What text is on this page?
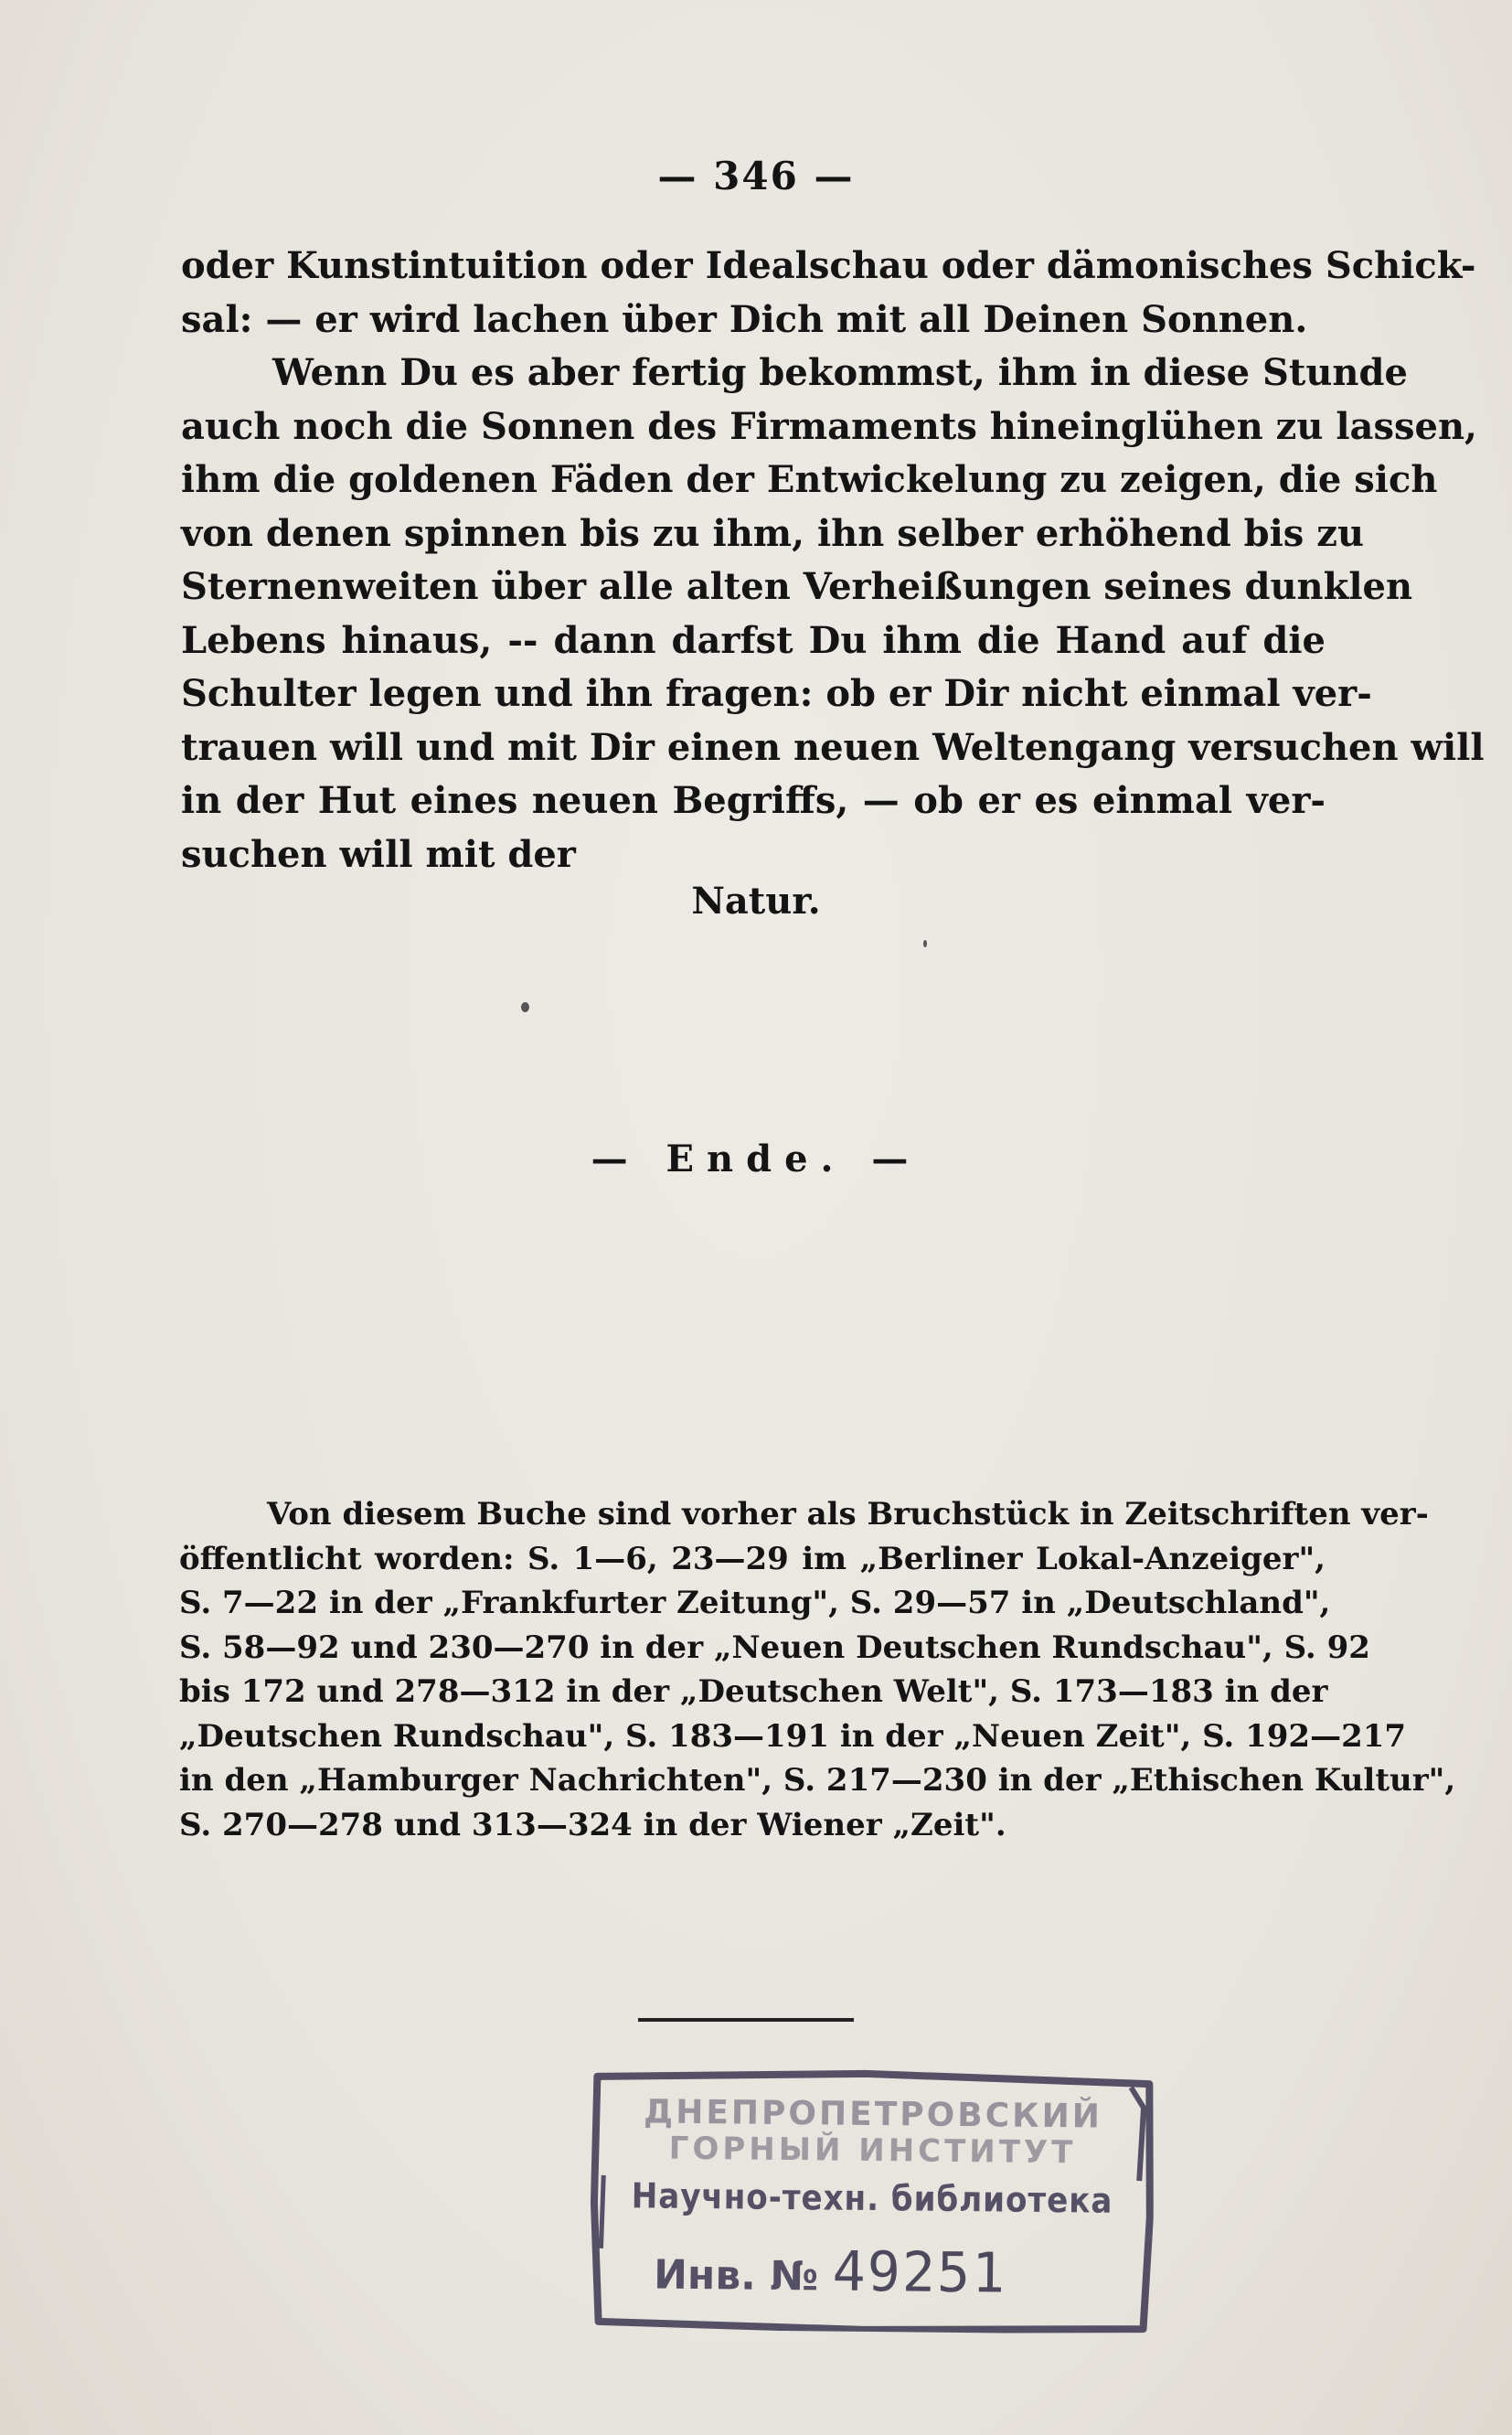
— 346 —
oder Kunstintuition oder Idealschau oder dämonisches Schick-
sal: — er wird lachen über Dich mit all Deinen Sonnen.
Wenn Du es aber fertig bekommst, ihm in diese Stunde
auch noch die Sonnen des Firmaments hineinglühen zu lassen,
ihm die goldenen Fäden der Entwickelung zu zeigen, die sich
von denen spinnen bis zu ihm, ihn selber erhöhend bis zu
Sternenweiten über alle alten Verheißungen seines dunklen
Lebens hinaus, -- dann darfst Du ihm die Hand auf die
Schulter legen und ihn fragen: ob er Dir nicht einmal ver-
trauen will und mit Dir einen neuen Weltengang versuchen will
in der Hut eines neuen Begriffs, — ob er es einmal ver-
suchen will mit der
Natur.
— Ende. —
Von diesem Buche sind vorher als Bruchstück in Zeitschriften ver-
öffentlicht worden: S. 1—6, 23—29 im „Berliner Lokal-Anzeiger",
S. 7—22 in der „Frankfurter Zeitung", S. 29—57 in „Deutschland",
S. 58—92 und 230—270 in der „Neuen Deutschen Rundschau", S. 92
bis 172 und 278—312 in der „Deutschen Welt", S. 173—183 in der
„Deutschen Rundschau", S. 183—191 in der „Neuen Zeit", S. 192—217
in den „Hamburger Nachrichten", S. 217—230 in der „Ethischen Kultur",
S. 270—278 und 313—324 in der Wiener „Zeit".
ДНЕПРОПЕТРОВСКИЙ
ГОРНЫЙ ИНСТИТУТ
Научно-техн. библиотека
Инв. № 49251
